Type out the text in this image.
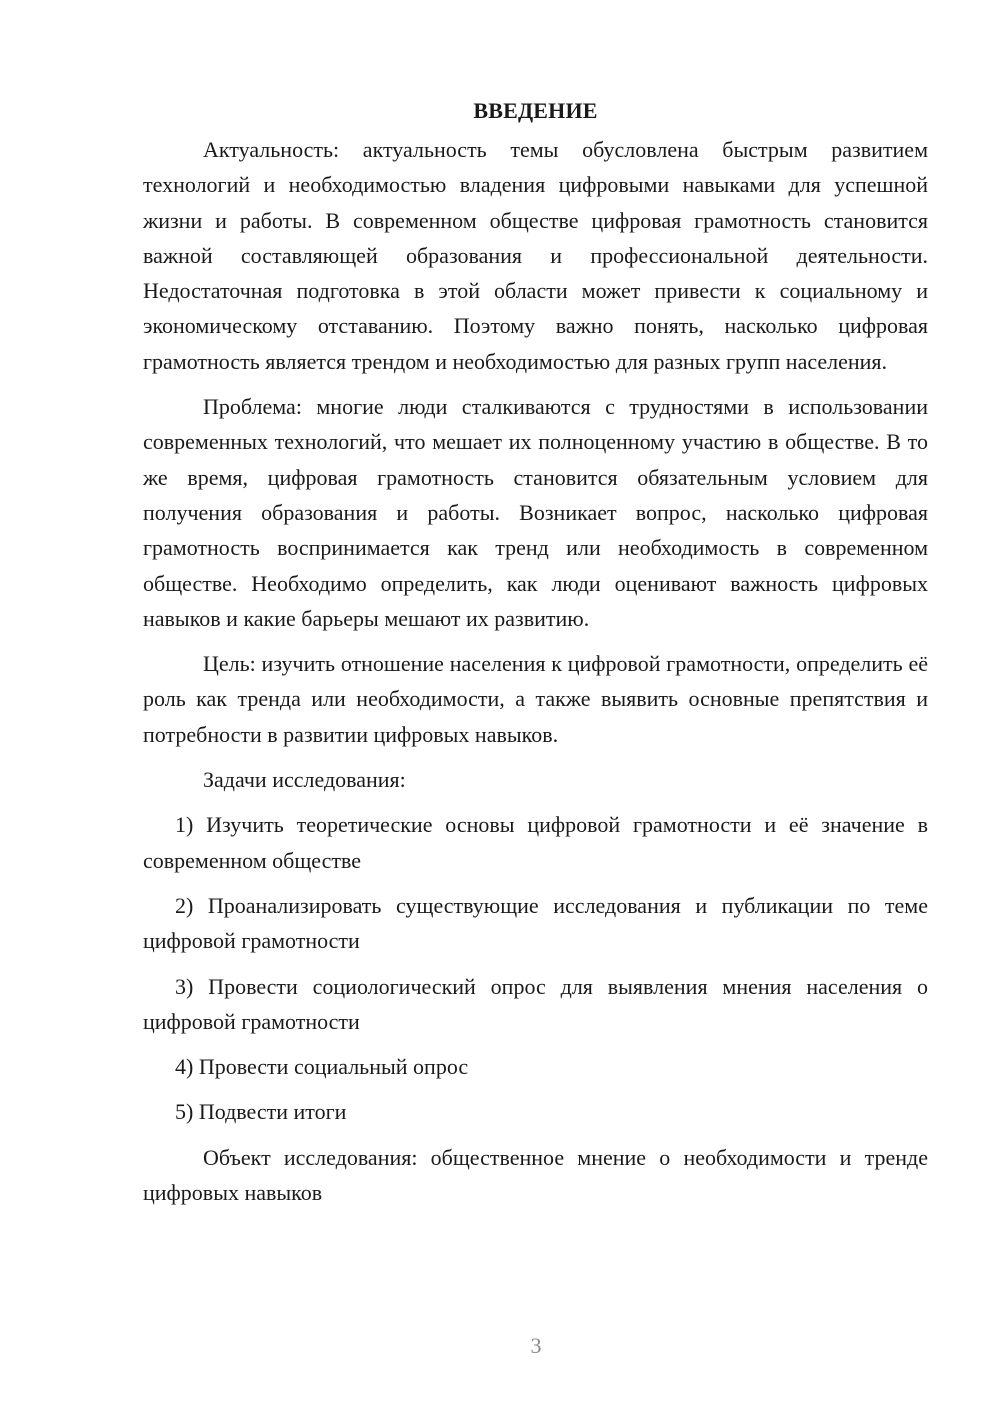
ВВЕДЕНИЕ

Актуальность: актуальность темы обусловлена быстрым развитием технологий и необходимостью владения цифровыми навыками для успешной жизни и работы. В современном обществе цифровая грамотность становится важной составляющей образования и профессиональной деятельности. Недостаточная подготовка в этой области может привести к социальному и экономическому отставанию. Поэтому важно понять, насколько цифровая грамотность является трендом и необходимостью для разных групп населения.

Проблема: многие люди сталкиваются с трудностями в использовании современных технологий, что мешает их полноценному участию в обществе. В то же время, цифровая грамотность становится обязательным условием для получения образования и работы. Возникает вопрос, насколько цифровая грамотность воспринимается как тренд или необходимость в современном обществе. Необходимо определить, как люди оценивают важность цифровых навыков и какие барьеры мешают их развитию.

Цель: изучить отношение населения к цифровой грамотности, определить её роль как тренда или необходимости, а также выявить основные препятствия и потребности в развитии цифровых навыков.

Задачи исследования:

1) Изучить теоретические основы цифровой грамотности и её значение в современном обществе

2) Проанализировать существующие исследования и публикации по теме цифровой грамотности

3) Провести социологический опрос для выявления мнения населения о цифровой грамотности

4) Провести социальный опрос

5) Подвести итоги

Объект исследования: общественное мнение о необходимости и тренде цифровых навыков

3
